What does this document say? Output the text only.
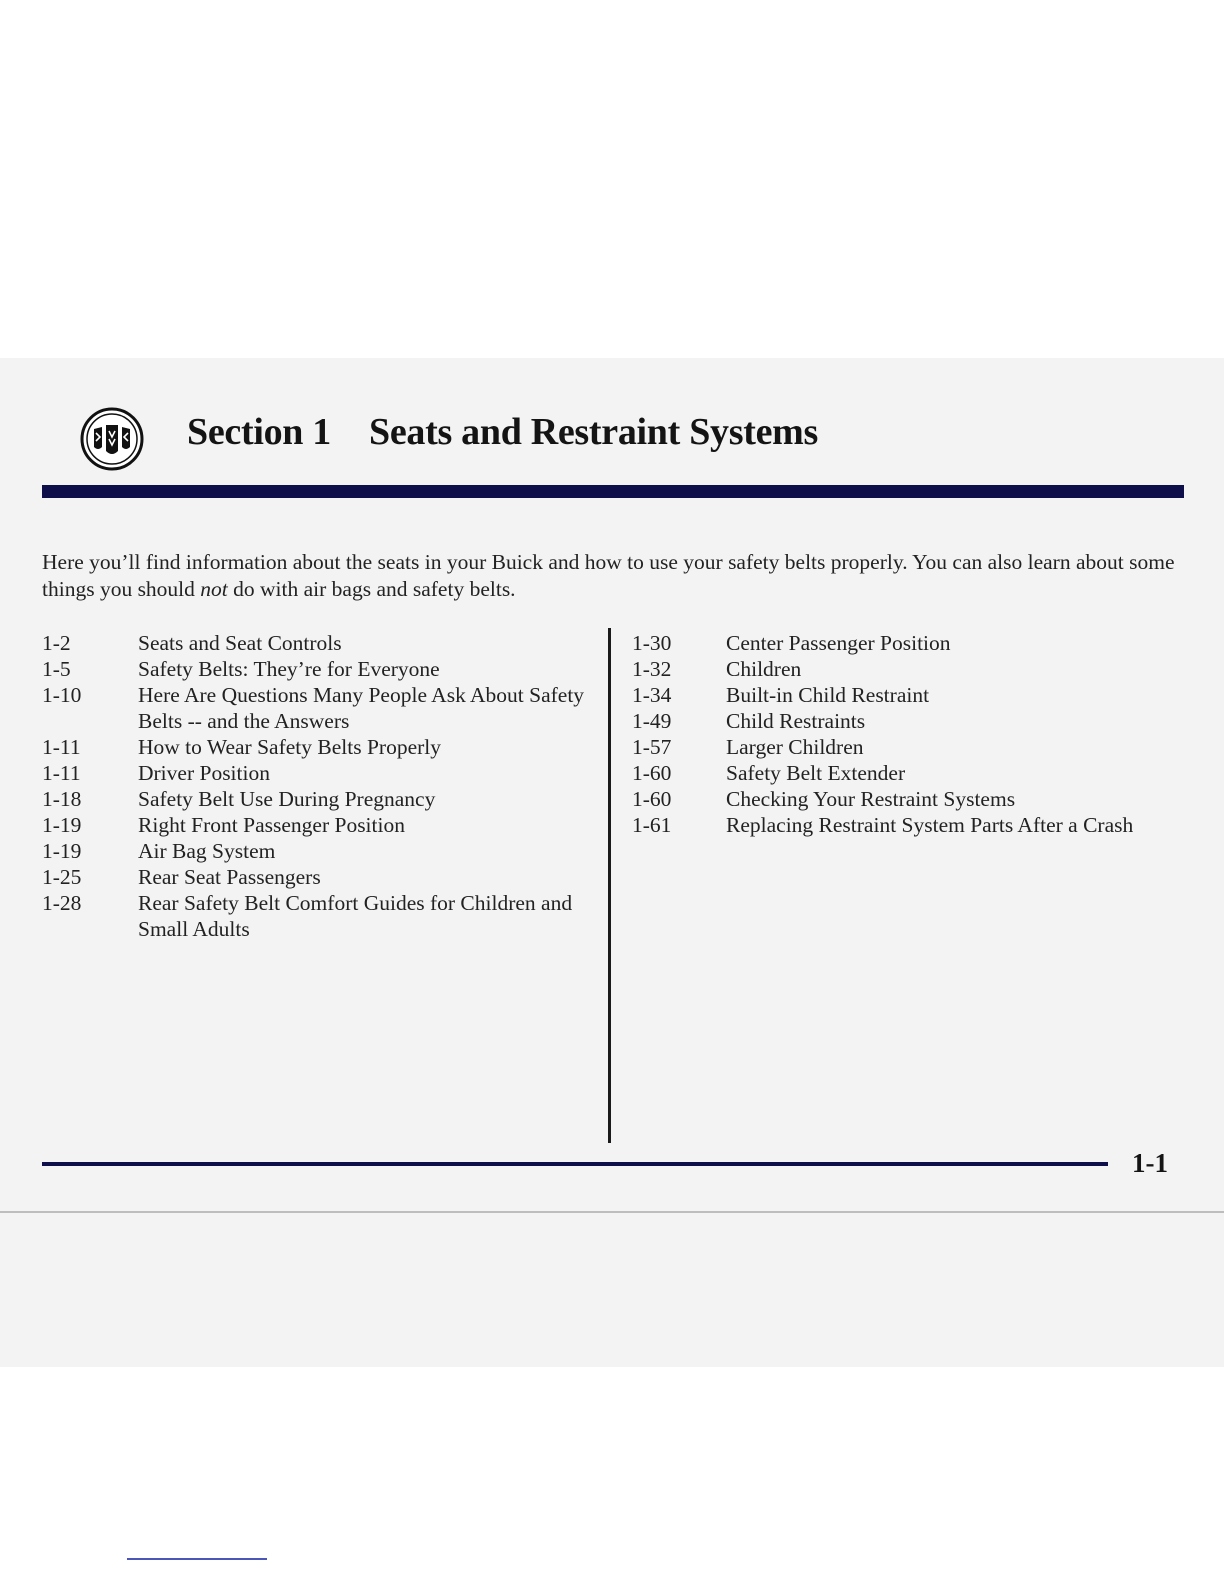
Section 1 Seats and Restraint Systems

Here you’ll find information about the seats in your Buick and how to use your safety belts properly. You can also learn about some things you should not do with air bags and safety belts.

1-2	Seats and Seat Controls
1-5	Safety Belts: They’re for Everyone
1-10	Here Are Questions Many People Ask About Safety Belts -- and the Answers
1-11	How to Wear Safety Belts Properly
1-11	Driver Position
1-18	Safety Belt Use During Pregnancy
1-19	Right Front Passenger Position
1-19	Air Bag System
1-25	Rear Seat Passengers
1-28	Rear Safety Belt Comfort Guides for Children and Small Adults
1-30	Center Passenger Position
1-32	Children
1-34	Built-in Child Restraint
1-49	Child Restraints
1-57	Larger Children
1-60	Safety Belt Extender
1-60	Checking Your Restraint Systems
1-61	Replacing Restraint System Parts After a Crash
1-1
